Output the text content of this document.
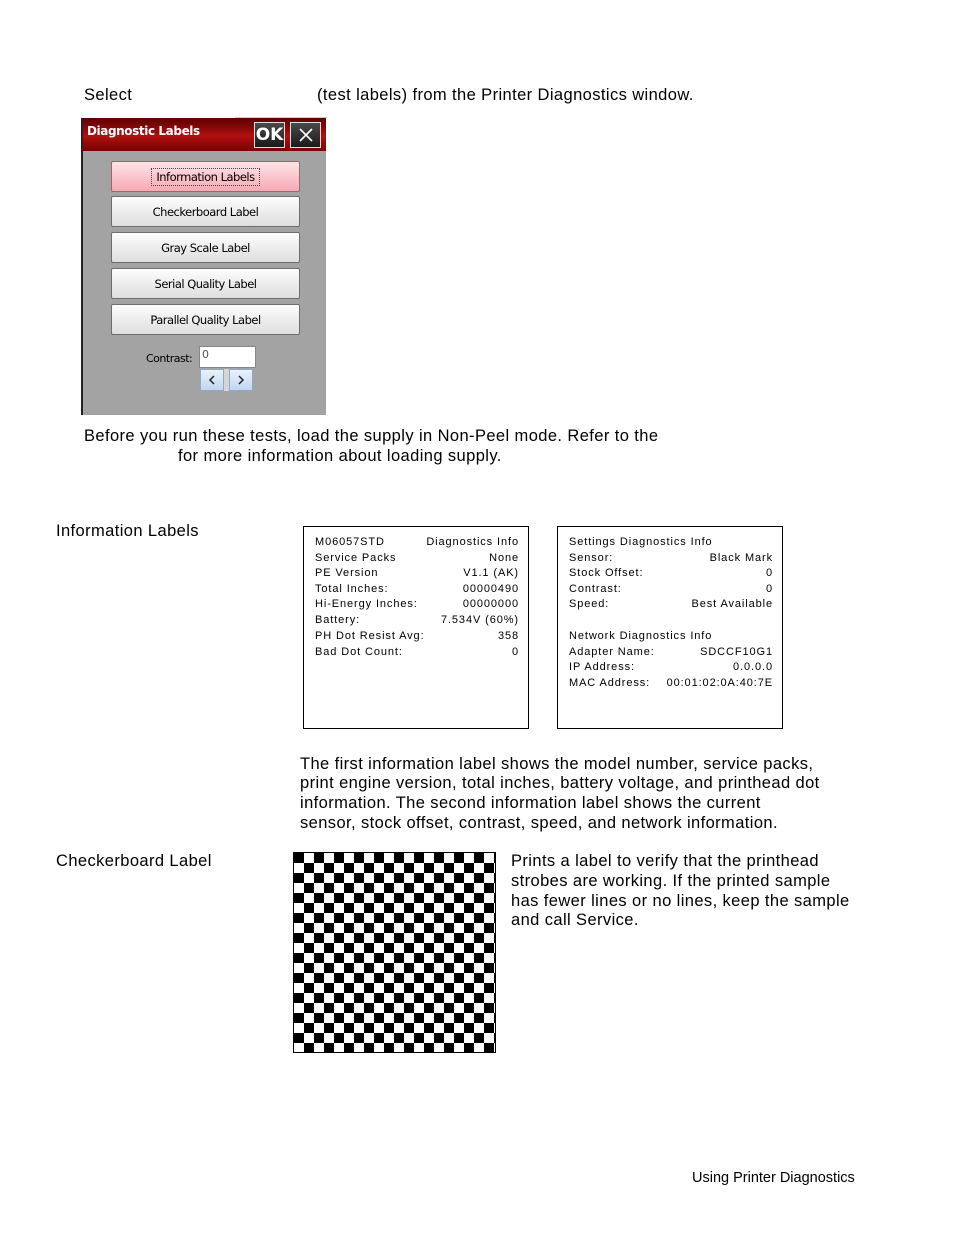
Select	(test labels) from the Printer Diagnostics window.

Diagnostic Labels	OK
Information Labels
Checkerboard Label
Gray Scale Label
Serial Quality Label
Parallel Quality Label
Contrast: 0

Before you run these tests, load the supply in Non-Peel mode. Refer to the

for more information about loading supply.

Information Labels

M06057STD	Diagnostics Info
Service Packs	None
PE Version	V1.1 (AK)
Total Inches:	00000490
Hi-Energy Inches:	00000000
Battery:	7.534V (60%)
PH Dot Resist Avg:	358
Bad Dot Count:	0
Settings Diagnostics Info
Sensor:	Black Mark
Stock Offset:	0
Contrast:	0
Speed:	Best Available
Network Diagnostics Info
Adapter Name:	SDCCF10G1
IP Address:	0.0.0.0
MAC Address: 00:01:02:0A:40:7E

The first information label shows the model number, service packs,

print engine version, total inches, battery voltage, and printhead dot

information. The second information label shows the current

sensor, stock offset, contrast, speed, and network information.

Checkerboard Label	Prints a label to verify that the printhead

strobes are working. If the printed sample

has fewer lines or no lines, keep the sample

and call Service.

Using Printer Diagnostics
